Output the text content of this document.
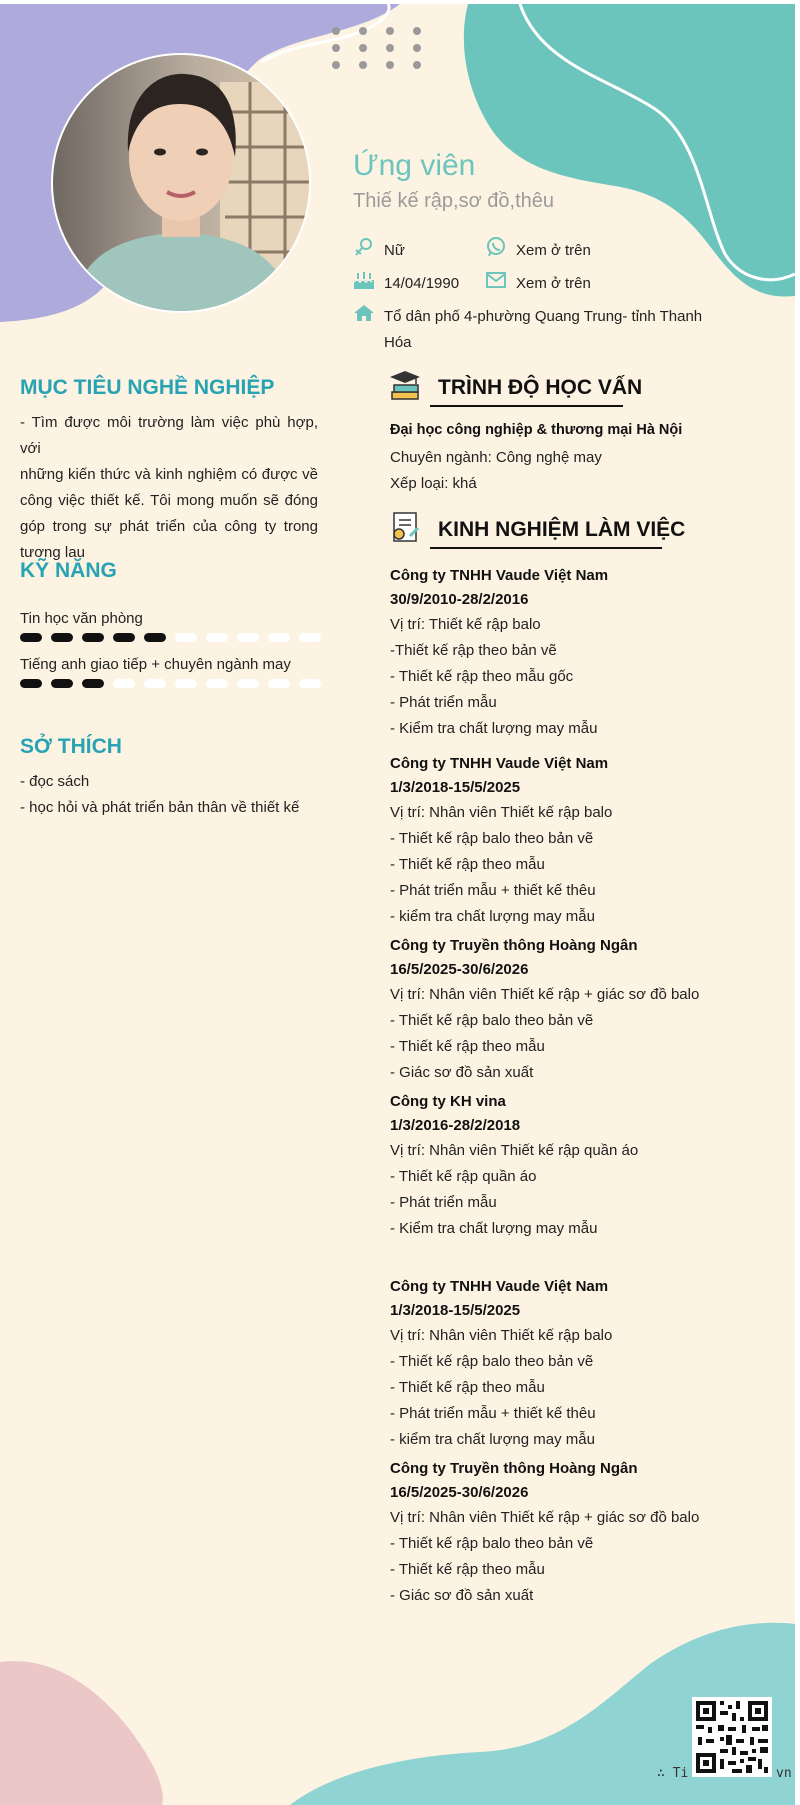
Ứng viên
Thiế kế rập,sơ đồ,thêu
Nữ	Xem ở trên
14/04/1990	Xem ở trên
Tổ dân phố 4-phường Quang Trung- tỉnh Thanh
Hóa
MỤC TIÊU NGHỀ NGHIỆP
- Tìm được môi trường làm việc phù hợp, với
những kiến thức và kinh nghiệm có được về
công việc thiết kế. Tôi mong muốn sẽ đóng
góp trong sự phát triển của công ty trong
tương lau
KỸ NĂNG
Tin học văn phòng
Tiếng anh giao tiếp + chuyên ngành may
SỞ THÍCH
- đọc sách
- học hỏi và phát triển bản thân về thiết kế
TRÌNH ĐỘ HỌC VẤN
Đại học công nghiệp & thương mại Hà Nội
Chuyên ngành: Công nghệ may
Xếp loại: khá
KINH NGHIỆM LÀM VIỆC
Công ty TNHH Vaude Việt Nam
30/9/2010-28/2/2016
Vị trí: Thiết kế rập balo
-Thiết kế rập theo bản vẽ
- Thiết kế rập theo mẫu gốc
- Phát triển mẫu
- Kiểm tra chất lượng may mẫu
Công ty TNHH Vaude Việt Nam
1/3/2018-15/5/2025
Vị trí: Nhân viên Thiết kế rập balo
- Thiết kế rập balo theo bản vẽ
- Thiết kế rập theo mẫu
- Phát triển mẫu + thiết kế thêu
- kiểm tra chất lượng may mẫu
Công ty Truyền thông Hoàng Ngân
16/5/2025-30/6/2026
Vị trí: Nhân viên Thiết kế rập + giác sơ đồ balo
- Thiết kế rập balo theo bản vẽ
- Thiết kế rập theo mẫu
- Giác sơ đồ sản xuất
Công ty KH vina
1/3/2016-28/2/2018
Vị trí: Nhân viên Thiết kế rập quần áo
- Thiết kế rập quần áo
- Phát triển mẫu
- Kiểm tra chất lượng may mẫu
Công ty TNHH Vaude Việt Nam
1/3/2018-15/5/2025
Vị trí: Nhân viên Thiết kế rập balo
- Thiết kế rập balo theo bản vẽ
- Thiết kế rập theo mẫu
- Phát triển mẫu + thiết kế thêu
- kiểm tra chất lượng may mẫu
Công ty Truyền thông Hoàng Ngân
16/5/2025-30/6/2026
Vị trí: Nhân viên Thiết kế rập + giác sơ đồ balo
- Thiết kế rập balo theo bản vẽ
- Thiết kế rập theo mẫu
- Giác sơ đồ sản xuất
∴ Ti	vn
